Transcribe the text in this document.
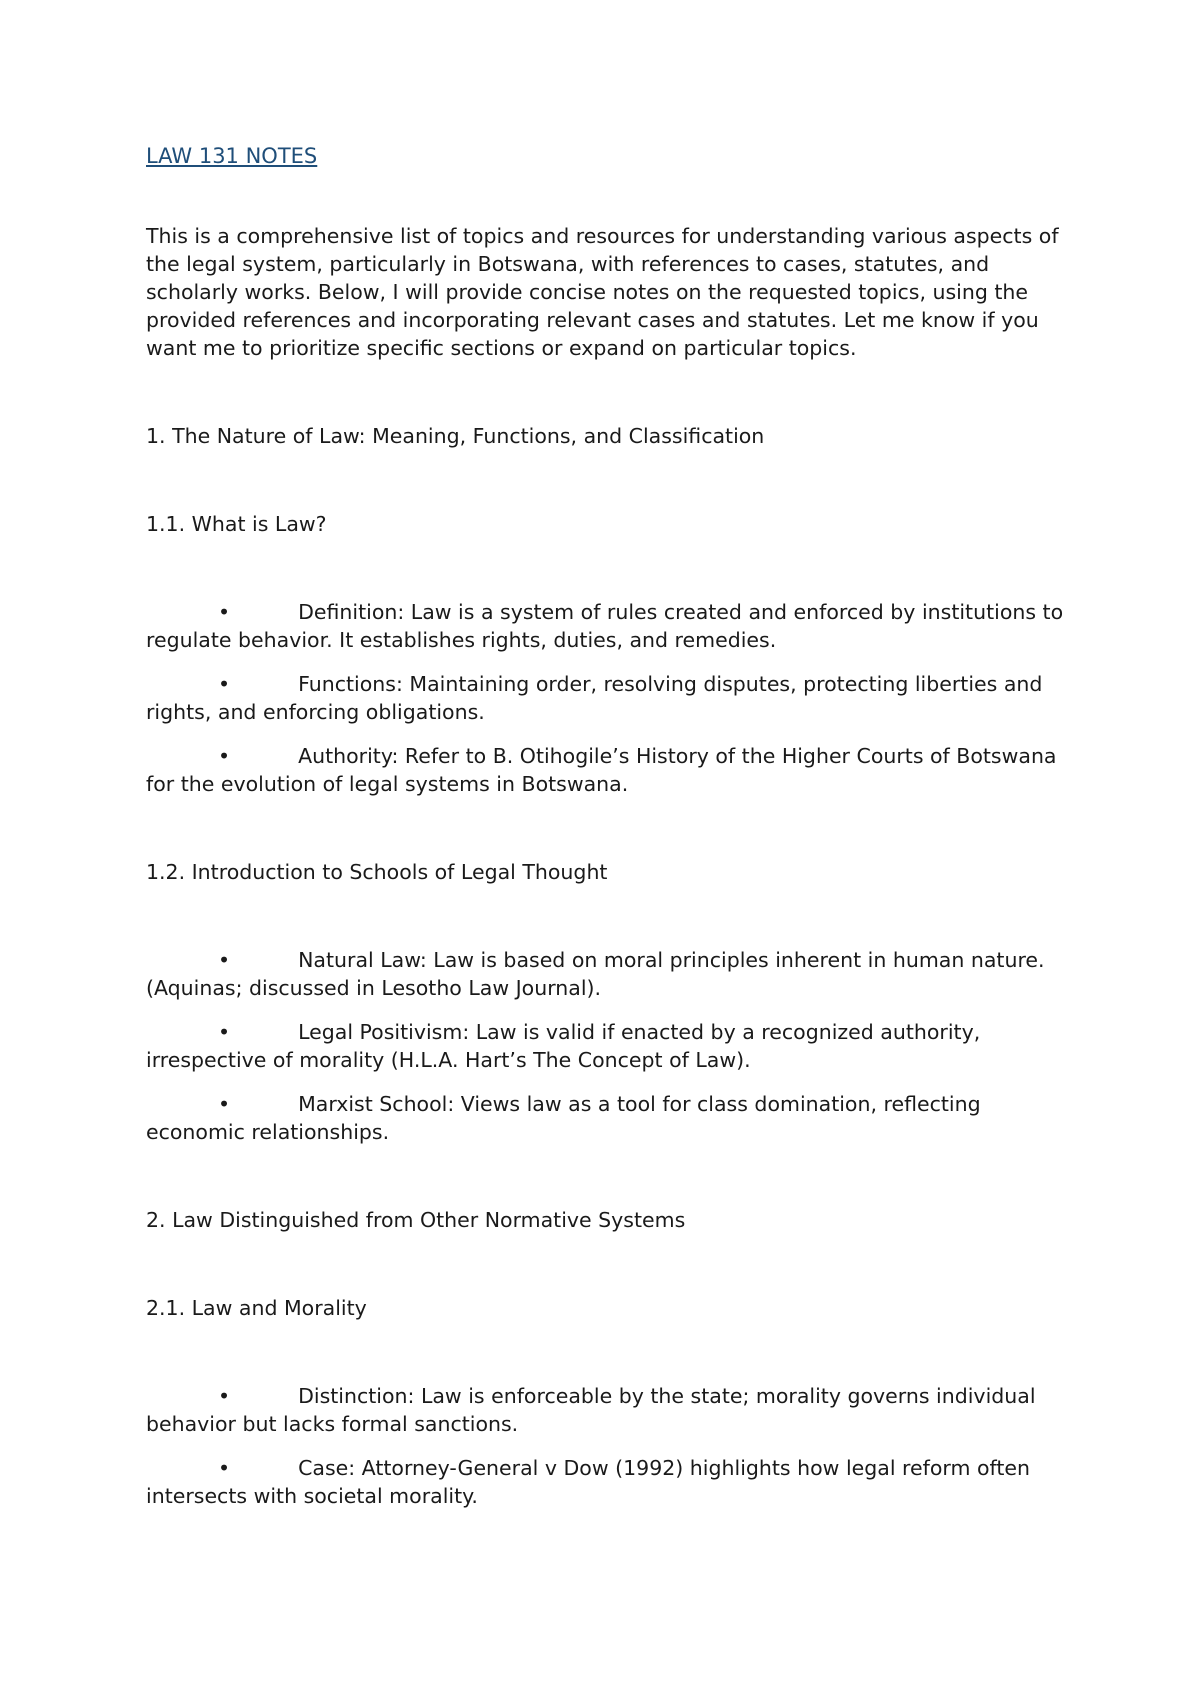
LAW 131 NOTES

This is a comprehensive list of topics and resources for understanding various aspects of the legal system, particularly in Botswana, with references to cases, statutes, and scholarly works. Below, I will provide concise notes on the requested topics, using the provided references and incorporating relevant cases and statutes. Let me know if you want me to prioritize specific sections or expand on particular topics.

1. The Nature of Law: Meaning, Functions, and Classification

1.1. What is Law?

•	Definition: Law is a system of rules created and enforced by institutions to regulate behavior. It establishes rights, duties, and remedies.
•	Functions: Maintaining order, resolving disputes, protecting liberties and rights, and enforcing obligations.
•	Authority: Refer to B. Otihogile’s History of the Higher Courts of Botswana for the evolution of legal systems in Botswana.

1.2. Introduction to Schools of Legal Thought

•	Natural Law: Law is based on moral principles inherent in human nature. (Aquinas; discussed in Lesotho Law Journal).
•	Legal Positivism: Law is valid if enacted by a recognized authority, irrespective of morality (H.L.A. Hart’s The Concept of Law).
•	Marxist School: Views law as a tool for class domination, reflecting economic relationships.

2. Law Distinguished from Other Normative Systems

2.1. Law and Morality

•	Distinction: Law is enforceable by the state; morality governs individual behavior but lacks formal sanctions.
•	Case: Attorney-General v Dow (1992) highlights how legal reform often intersects with societal morality.
